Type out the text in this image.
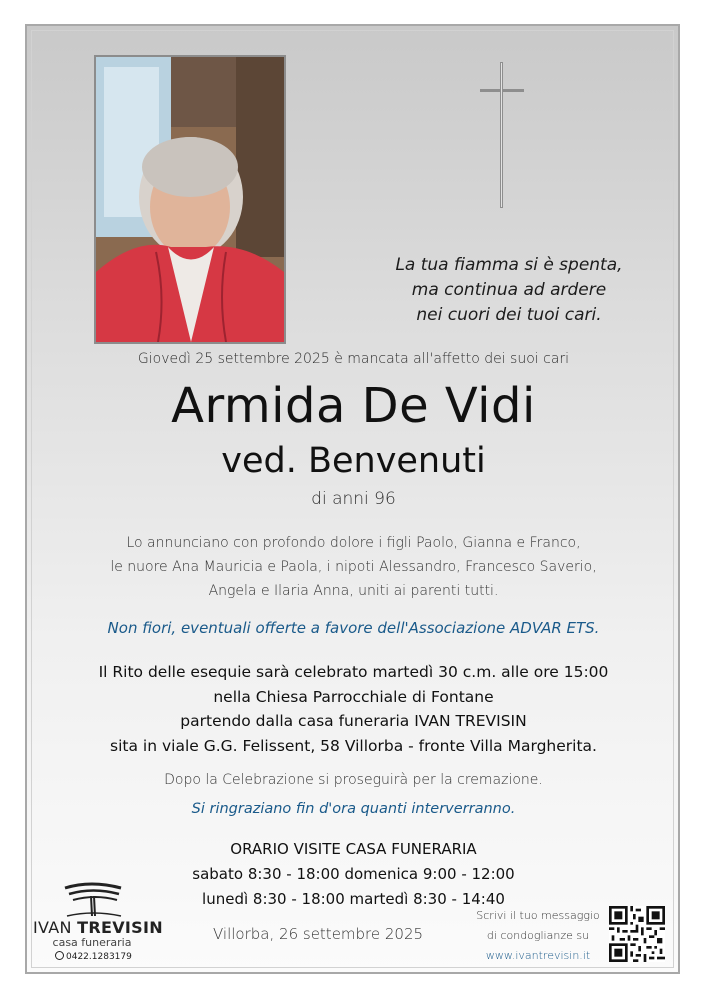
La tua fiamma si è spenta,
ma continua ad ardere
nei cuori dei tuoi cari.
Giovedì 25 settembre 2025 è mancata all'affetto dei suoi cari
Armida De Vidi
ved. Benvenuti
di anni 96
Lo annunciano con profondo dolore i figli Paolo, Gianna e Franco,
le nuore Ana Mauricia e Paola, i nipoti Alessandro, Francesco Saverio,
Angela e Ilaria Anna, uniti ai parenti tutti.
Non fiori, eventuali offerte a favore dell'Associazione ADVAR ETS.
Il Rito delle esequie sarà celebrato martedì 30 c.m. alle ore 15:00
nella Chiesa Parrocchiale di Fontane
partendo dalla casa funeraria IVAN TREVISIN
sita in viale G.G. Felissent, 58 Villorba - fronte Villa Margherita.
Dopo la Celebrazione si proseguirà per la cremazione.
Si ringraziano fin d'ora quanti interverranno.
ORARIO VISITE CASA FUNERARIA
sabato 8:30 - 18:00 domenica 9:00 - 12:00
lunedì 8:30 - 18:00 martedì 8:30 - 14:40
Villorba, 26 settembre 2025
IVAN TREVISIN
casa funeraria
0422.1283179
Scrivi il tuo messaggio
di condoglianze su
www.ivantrevisin.it
